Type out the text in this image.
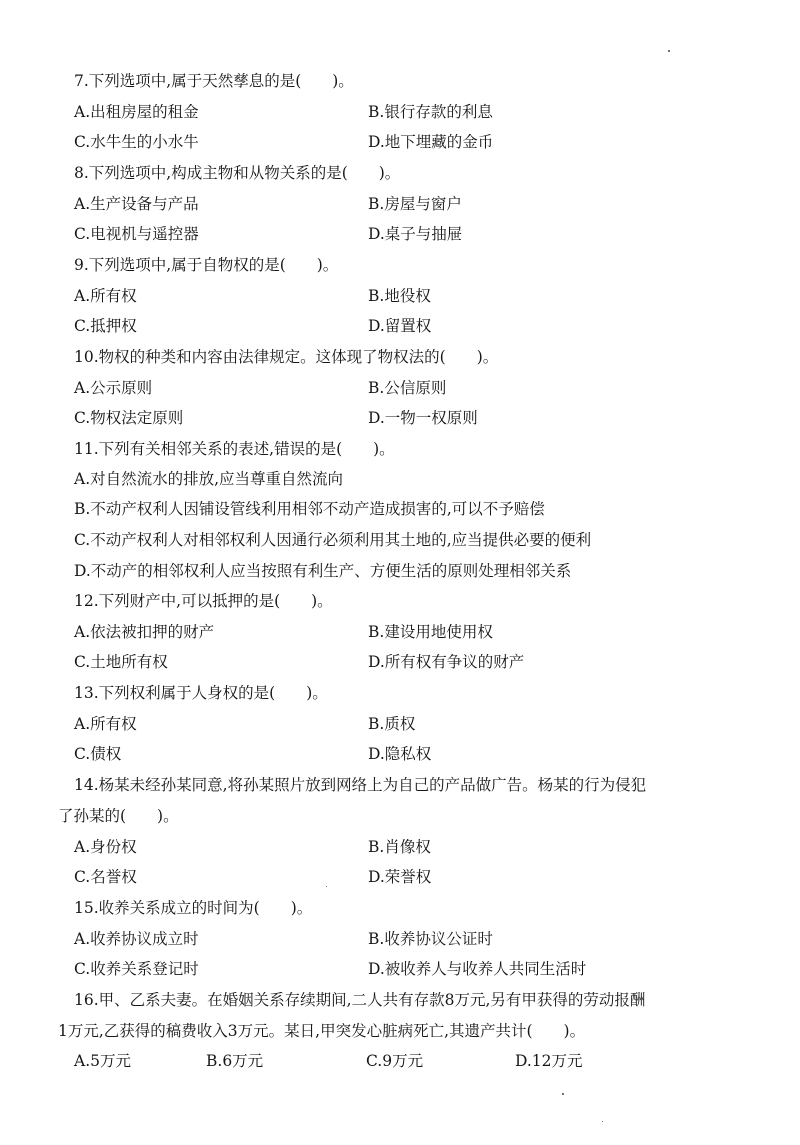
7.下列选项中,属于天然孳息的是(　　)。
A.出租房屋的租金	B.银行存款的利息
C.水牛生的小水牛	D.地下埋藏的金币
8.下列选项中,构成主物和从物关系的是(　　)。
A.生产设备与产品	B.房屋与窗户
C.电视机与遥控器	D.桌子与抽屉
9.下列选项中,属于自物权的是(　　)。
A.所有权	B.地役权
C.抵押权	D.留置权
10.物权的种类和内容由法律规定。这体现了物权法的(　　)。
A.公示原则	B.公信原则
C.物权法定原则	D.一物一权原则
11.下列有关相邻关系的表述,错误的是(　　)。
A.对自然流水的排放,应当尊重自然流向
B.不动产权利人因铺设管线利用相邻不动产造成损害的,可以不予赔偿
C.不动产权利人对相邻权利人因通行必须利用其土地的,应当提供必要的便利
D.不动产的相邻权利人应当按照有利生产、方便生活的原则处理相邻关系
12.下列财产中,可以抵押的是(　　)。
A.依法被扣押的财产	B.建设用地使用权
C.土地所有权	D.所有权有争议的财产
13.下列权利属于人身权的是(　　)。
A.所有权	B.质权
C.债权	D.隐私权
14.杨某未经孙某同意,将孙某照片放到网络上为自己的产品做广告。杨某的行为侵犯
了孙某的(　　)。
A.身份权	B.肖像权
C.名誉权	D.荣誉权
15.收养关系成立的时间为(　　)。
A.收养协议成立时	B.收养协议公证时
C.收养关系登记时	D.被收养人与收养人共同生活时
16.甲、乙系夫妻。在婚姻关系存续期间,二人共有存款8万元,另有甲获得的劳动报酬
1万元,乙获得的稿费收入3万元。某日,甲突发心脏病死亡,其遗产共计(　　)。
A.5万元	B.6万元	C.9万元	D.12万元
